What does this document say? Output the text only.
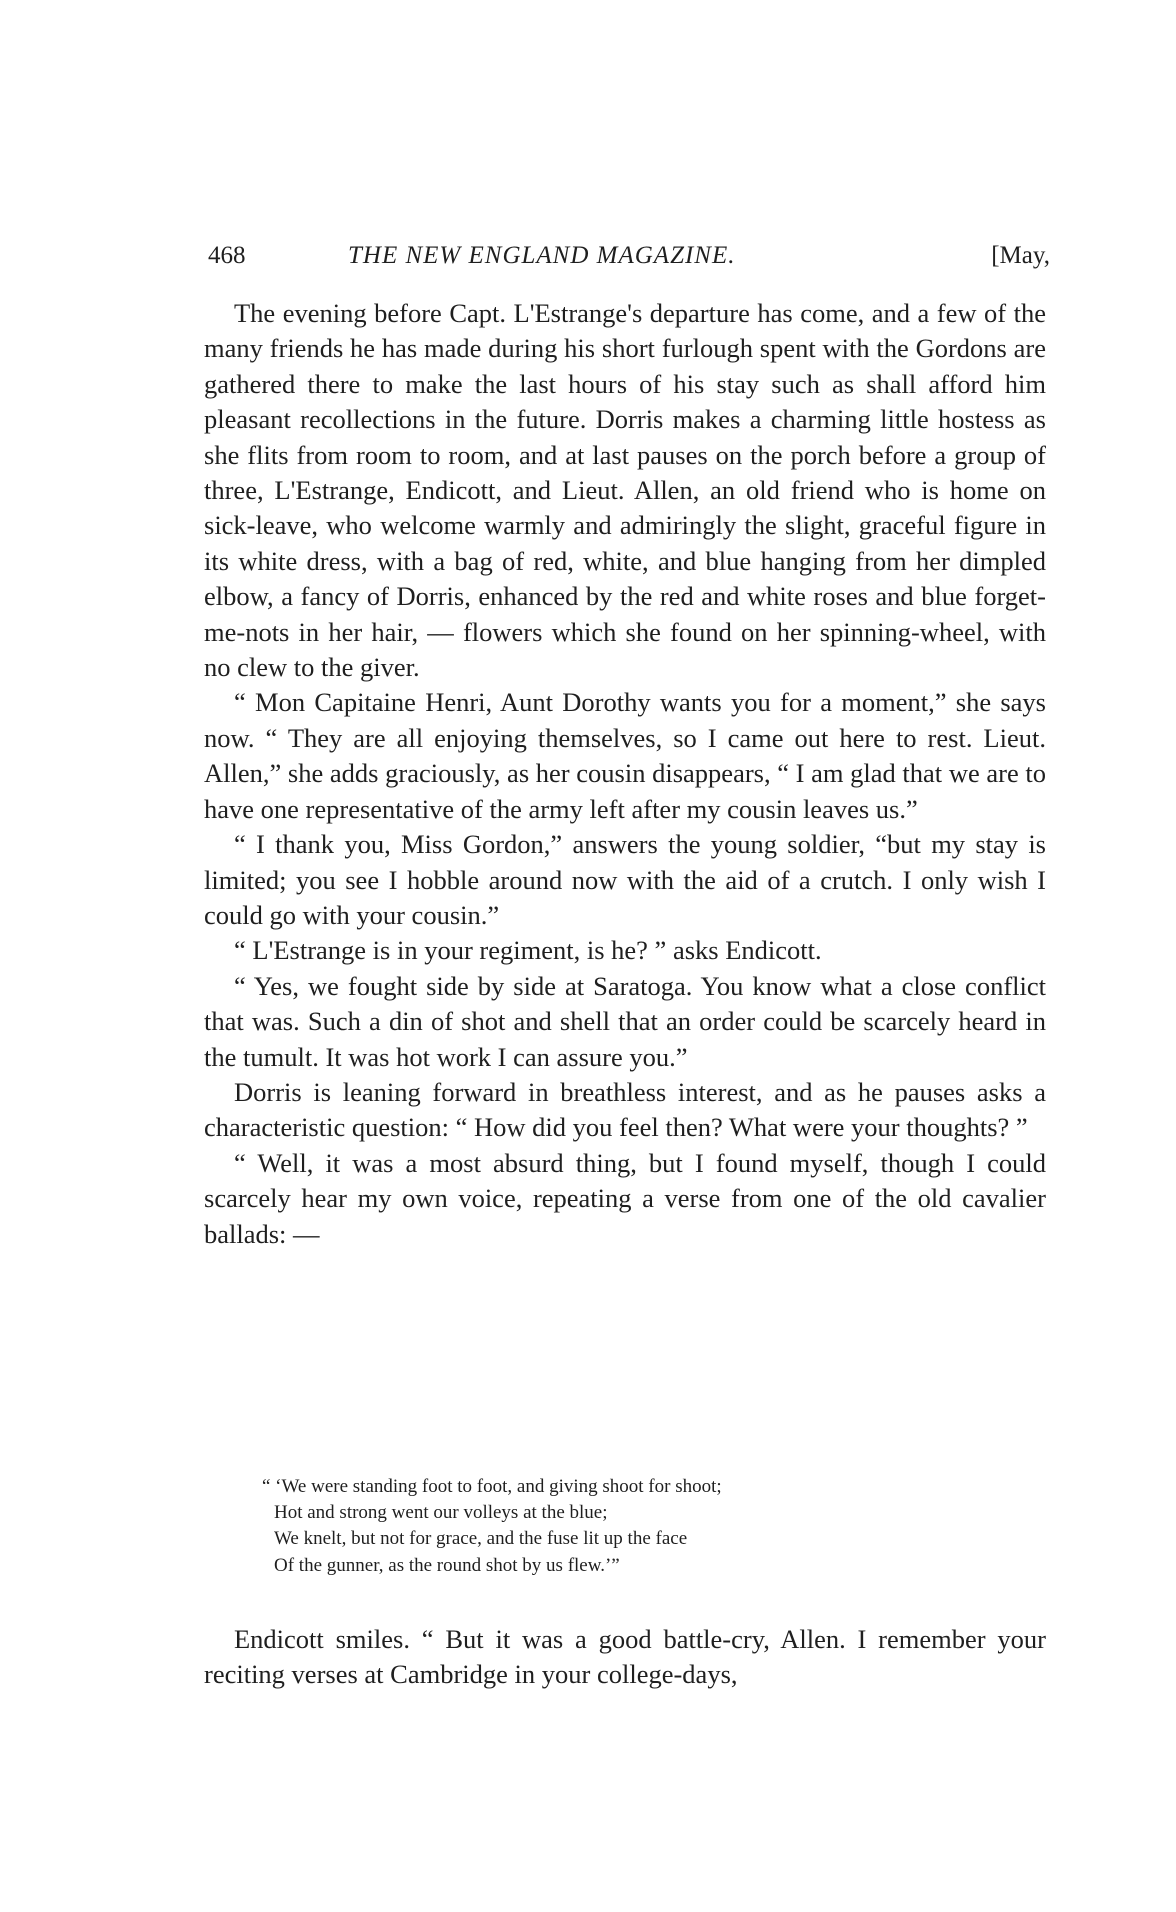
468	THE NEW ENGLAND MAGAZINE.	[May,

The evening before Capt. L'Estrange's departure has come, and a few of the many friends he has made during his short furlough spent with the Gordons are gathered there to make the last hours of his stay such as shall afford him pleasant recollections in the future. Dorris makes a charming little hostess as she flits from room to room, and at last pauses on the porch before a group of three, L'Estrange, Endicott, and Lieut. Allen, an old friend who is home on sick-leave, who welcome warmly and admiringly the slight, graceful figure in its white dress, with a bag of red, white, and blue hanging from her dimpled elbow, a fancy of Dorris, enhanced by the red and white roses and blue forget-me-nots in her hair, — flowers which she found on her spinning-wheel, with no clew to the giver.

“ Mon Capitaine Henri, Aunt Dorothy wants you for a moment,” she says now. “ They are all enjoying themselves, so I came out here to rest. Lieut. Allen,” she adds graciously, as her cousin disappears, “ I am glad that we are to have one representative of the army left after my cousin leaves us.”

“ I thank you, Miss Gordon,” answers the young soldier, “but my stay is limited; you see I hobble around now with the aid of a crutch. I only wish I could go with your cousin.”

“ L'Estrange is in your regiment, is he? ” asks Endicott.

“ Yes, we fought side by side at Saratoga. You know what a close conflict that was. Such a din of shot and shell that an order could be scarcely heard in the tumult. It was hot work I can assure you.”

Dorris is leaning forward in breathless interest, and as he pauses asks a characteristic question: “ How did you feel then? What were your thoughts? ”

“ Well, it was a most absurd thing, but I found myself, though I could scarcely hear my own voice, repeating a verse from one of the old cavalier ballads: —

“ ‘We were standing foot to foot, and giving shoot for shoot;
Hot and strong went our volleys at the blue;
We knelt, but not for grace, and the fuse lit up the face
Of the gunner, as the round shot by us flew.’”

Endicott smiles. “ But it was a good battle-cry, Allen. I remember your reciting verses at Cambridge in your college-days,
